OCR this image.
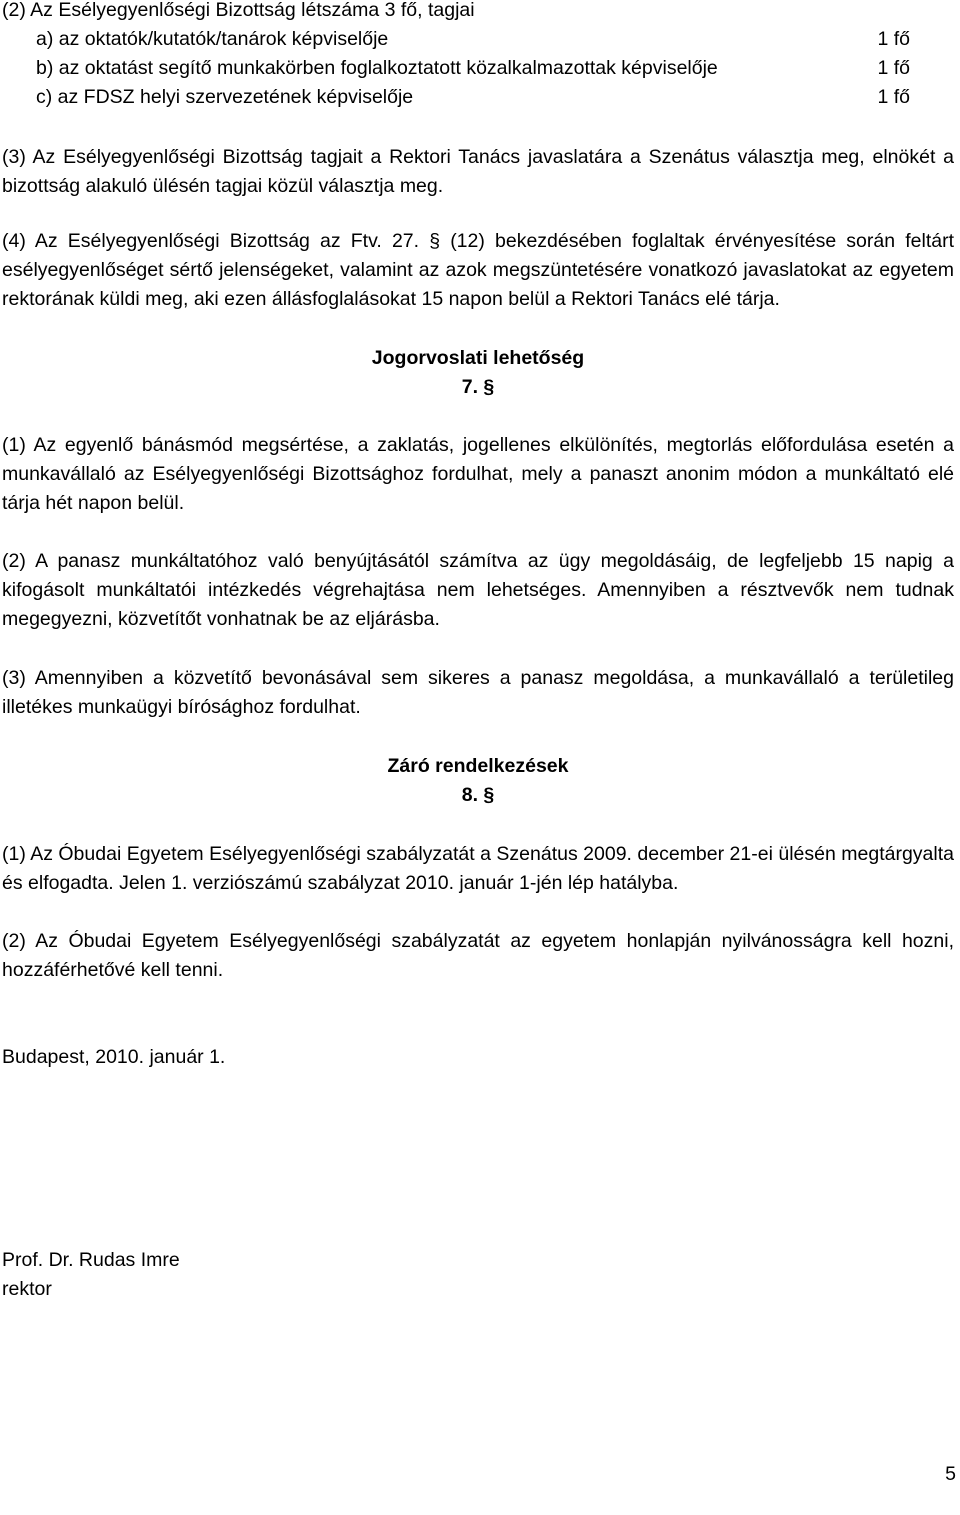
(2) Az Esélyegyenlőségi Bizottság létszáma 3 fő, tagjai
a) az oktatók/kutatók/tanárok képviselője	1 fő
b) az oktatást segítő munkakörben foglalkoztatott közalkalmazottak képviselője	1 fő
c) az FDSZ helyi szervezetének képviselője	1 fő

(3) Az Esélyegyenlőségi Bizottság tagjait a Rektori Tanács javaslatára a Szenátus választja meg, elnökét a bizottság alakuló ülésén tagjai közül választja meg.

(4) Az Esélyegyenlőségi Bizottság az Ftv. 27. § (12) bekezdésében foglaltak érvényesítése során feltárt esélyegyenlőséget sértő jelenségeket, valamint az azok megszüntetésére vonatkozó javaslatokat az egyetem rektorának küldi meg, aki ezen állásfoglalásokat 15 napon belül a Rektori Tanács elé tárja.

Jogorvoslati lehetőség
7. §

(1) Az egyenlő bánásmód megsértése, a zaklatás, jogellenes elkülönítés, megtorlás előfordulása esetén a munkavállaló az Esélyegyenlőségi Bizottsághoz fordulhat, mely a panaszt anonim módon a munkáltató elé tárja hét napon belül.

(2) A panasz munkáltatóhoz való benyújtásától számítva az ügy megoldásáig, de legfeljebb 15 napig a kifogásolt munkáltatói intézkedés végrehajtása nem lehetséges. Amennyiben a résztvevők nem tudnak megegyezni, közvetítőt vonhatnak be az eljárásba.

(3) Amennyiben a közvetítő bevonásával sem sikeres a panasz megoldása, a munkavállaló a területileg illetékes munkaügyi bírósághoz fordulhat.

Záró rendelkezések
8. §

(1) Az Óbudai Egyetem Esélyegyenlőségi szabályzatát a Szenátus 2009. december 21-ei ülésén megtárgyalta és elfogadta. Jelen 1. verziószámú szabályzat 2010. január 1-jén lép hatályba.

(2) Az Óbudai Egyetem Esélyegyenlőségi szabályzatát az egyetem honlapján nyilvánosságra kell hozni, hozzáférhetővé kell tenni.

Budapest, 2010. január 1.
Prof. Dr. Rudas Imre
rektor
5
